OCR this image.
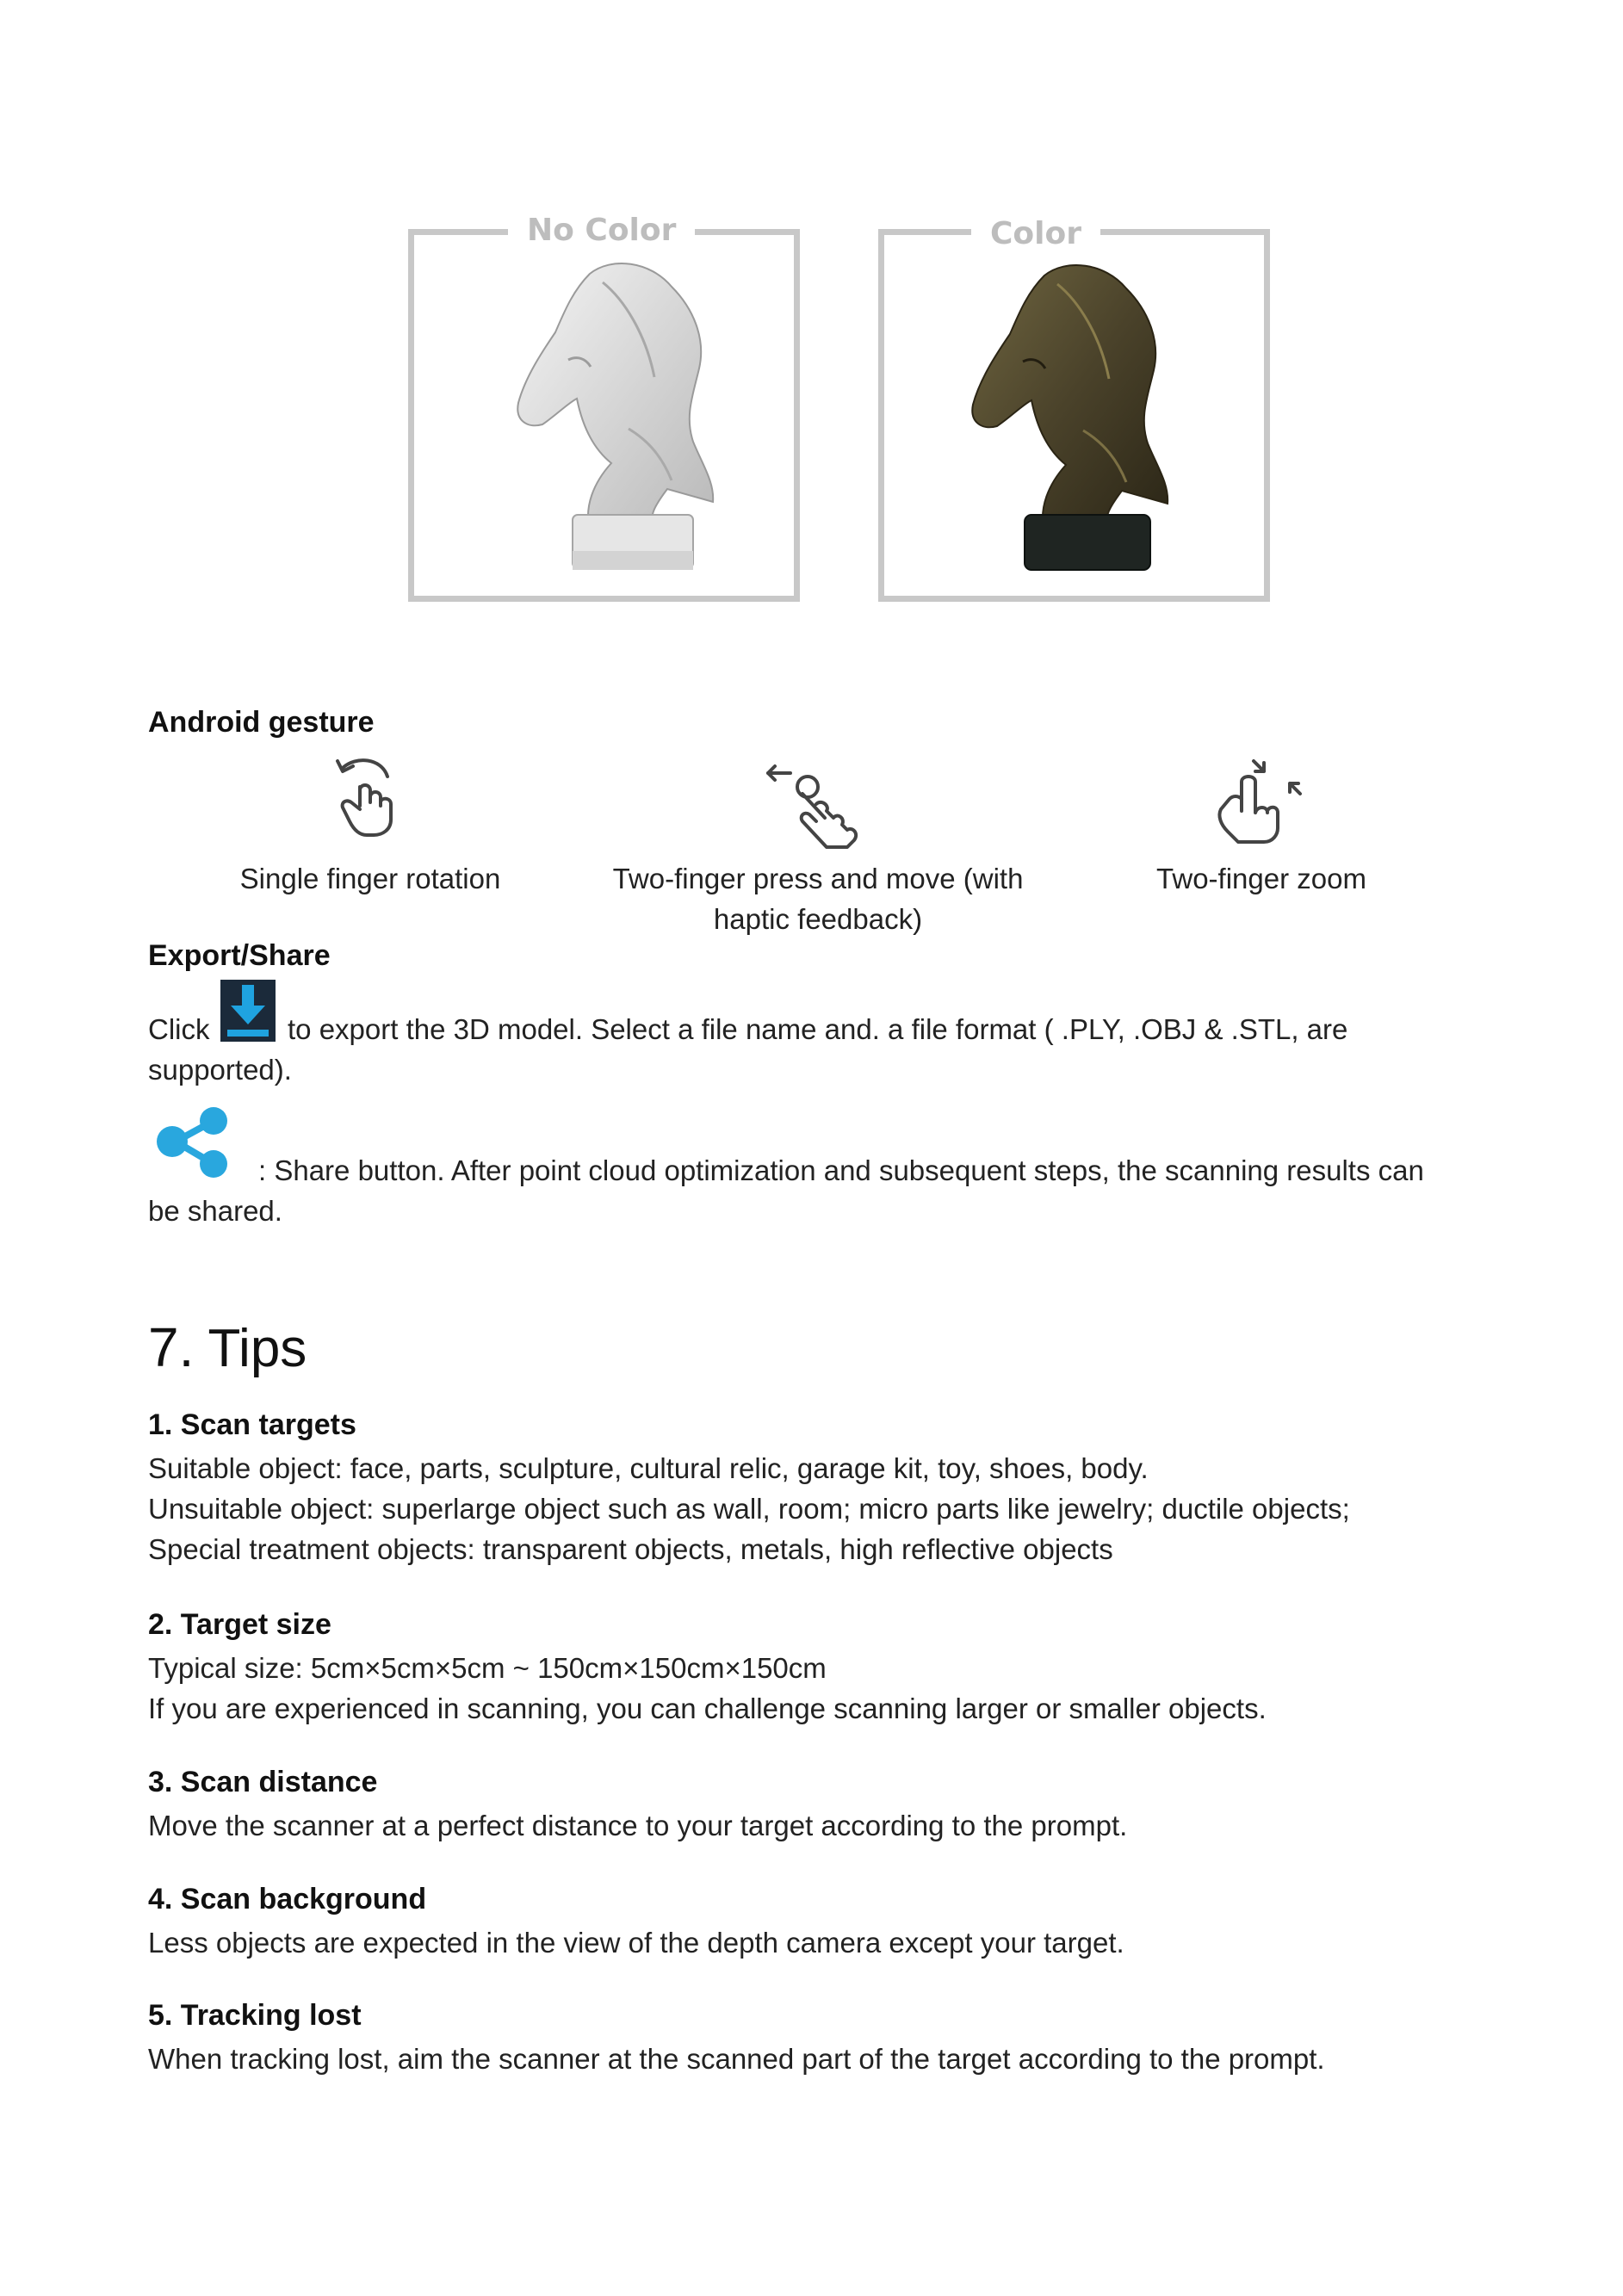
No Color	Color
Android gesture
Single finger rotation	Two-finger press and move (with
haptic feedback)
Two-finger zoom
Export/Share
Click	to export the 3D model. Select a file name and. a file format ( .PLY, .OBJ & .STL, are
supported).
: Share button. After point cloud optimization and subsequent steps, the scanning results can
be shared.
7. Tips
1. Scan targets
Suitable object: face, parts, sculpture, cultural relic, garage kit, toy, shoes, body.
Unsuitable object: superlarge object such as wall, room; micro parts like jewelry; ductile objects;
Special treatment objects: transparent objects, metals, high reflective objects
2. Target size
Typical size: 5cm×5cm×5cm ~ 150cm×150cm×150cm
If you are experienced in scanning, you can challenge scanning larger or smaller objects.
3. Scan distance
Move the scanner at a perfect distance to your target according to the prompt.
4. Scan background
Less objects are expected in the view of the depth camera except your target.
5. Tracking lost
When tracking lost, aim the scanner at the scanned part of the target according to the prompt.
